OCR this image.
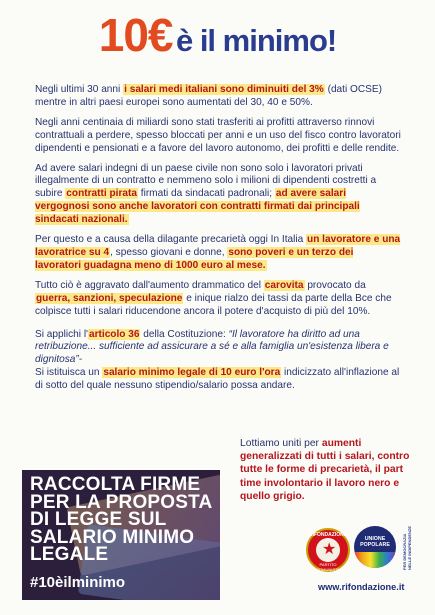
10€ è il minimo!

Negli ultimi 30 anni i salari medi italiani sono diminuiti del 3% (dati OCSE) mentre in altri paesi europei sono aumentati del 30, 40 e 50%.

Negli anni centinaia di miliardi sono stati trasferiti ai profitti attraverso rinnovi contrattuali a perdere, spesso bloccati per anni e un uso del fisco contro lavoratori dipendenti e pensionati e a favore del lavoro autonomo, dei profitti e delle rendite.

Ad avere salari indegni di un paese civile non sono solo i lavoratori privati illegalmente di un contratto e nemmeno solo i milioni di dipendenti costretti a subire contratti pirata firmati da sindacati padronali; ad avere salari vergognosi sono anche lavoratori con contratti firmati dai principali sindacati nazionali.

Per questo e a causa della dilagante precarietà oggi In Italia un lavoratore e una lavoratrice su 4, spesso giovani e donne, sono poveri e un terzo dei lavoratori guadagna meno di 1000 euro al mese.

Tutto ciò è aggravato dall'aumento drammatico del carovita provocato da guerra, sanzioni, speculazione e inique rialzo dei tassi da parte della Bce che colpisce tutti i salari riducendone ancora il potere d'acquisto di più del 10%.

Si applichi l'articolo 36 della Costituzione: “Il lavoratore ha diritto ad una retribuzione... sufficiente ad assicurare a sé e alla famiglia un'esistenza libera e dignitosa”-
Si istituisca un salario minimo legale di 10 euro l'ora indicizzato all'inflazione al di sotto del quale nessuno stipendio/salario possa andare.

Lottiamo uniti per aumenti generalizzati di tutti i salari, contro tutte le forme di precarietà, il part time involontario il lavoro nero e quello grigio.
RACCOLTA FIRME
PER LA PROPOSTA
DI LEGGE SUL
SALARIO MINIMO
LEGALE
#10èilminimo
RIFONDAZIONE
★
PARTITO COMUNISTA
UNIONE
POPOLARE	PER DEMOCRAZIA NELLE INDIPENDENZE
www.rifondazione.it
